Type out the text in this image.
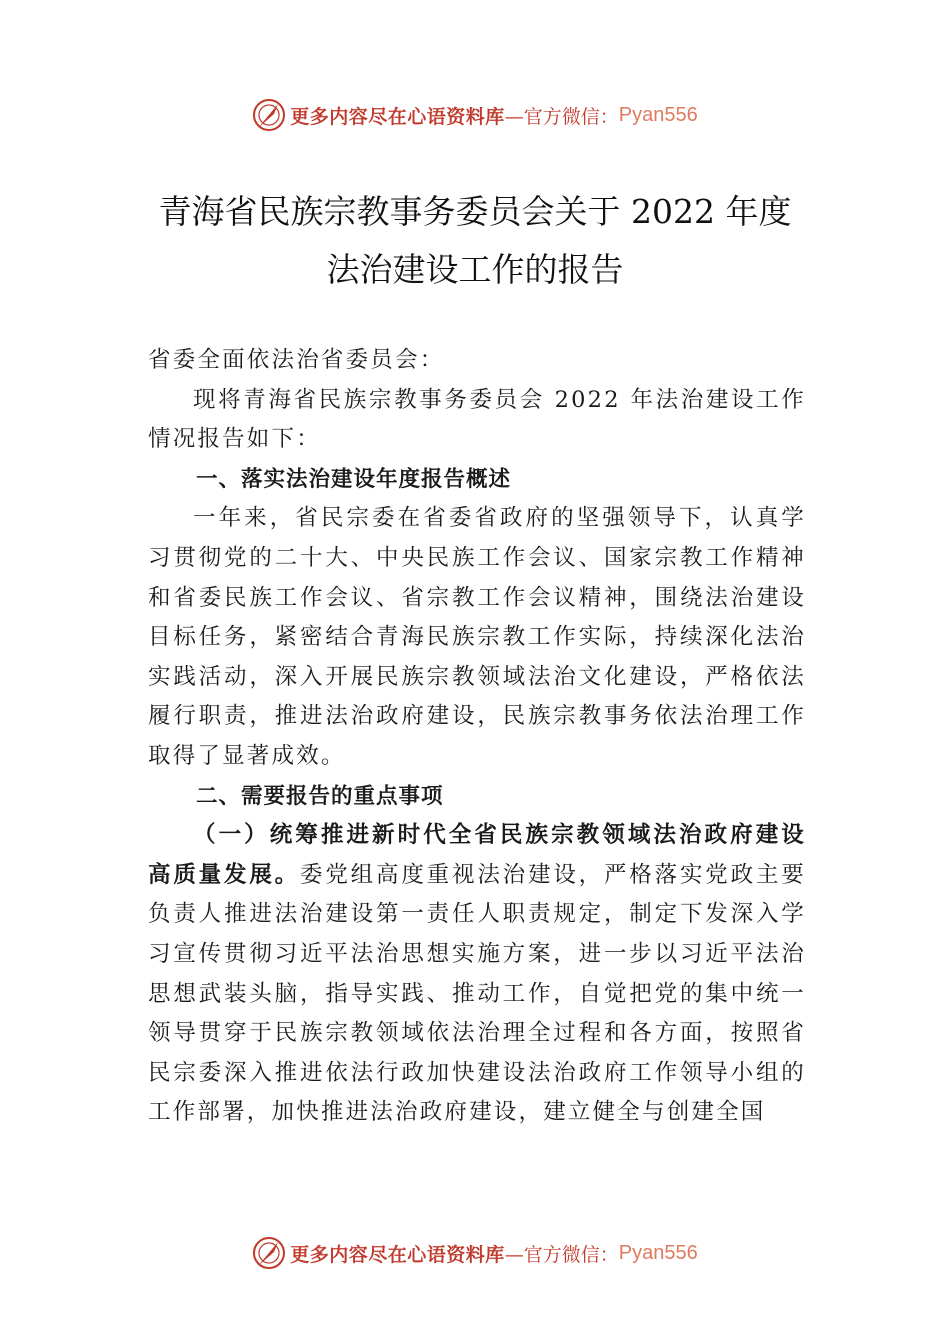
更多内容尽在心语资料库 —官方微信： Pyan556
青海省民族宗教事务委员会关于 2022 年度
法治建设工作的报告

省委全面依法治省委员会：

现将青海省民族宗教事务委员会 2022 年法治建设工作情况报告如下：

一、落实法治建设年度报告概述

一年来，省民宗委在省委省政府的坚强领导下，认真学习贯彻党的二十大、中央民族工作会议、国家宗教工作精神和省委民族工作会议、省宗教工作会议精神，围绕法治建设目标任务，紧密结合青海民族宗教工作实际，持续深化法治实践活动，深入开展民族宗教领域法治文化建设，严格依法履行职责，推进法治政府建设，民族宗教事务依法治理工作取得了显著成效。

二、需要报告的重点事项

（一）统筹推进新时代全省民族宗教领域法治政府建设高质量发展。委党组高度重视法治建设，严格落实党政主要负责人推进法治建设第一责任人职责规定，制定下发深入学习宣传贯彻习近平法治思想实施方案，进一步以习近平法治思想武装头脑，指导实践、推动工作，自觉把党的集中统一领导贯穿于民族宗教领域依法治理全过程和各方面，按照省民宗委深入推进依法行政加快建设法治政府工作领导小组的工作部署，加快推进法治政府建设，建立健全与创建全国

更多内容尽在心语资料库 —官方微信： Pyan556
